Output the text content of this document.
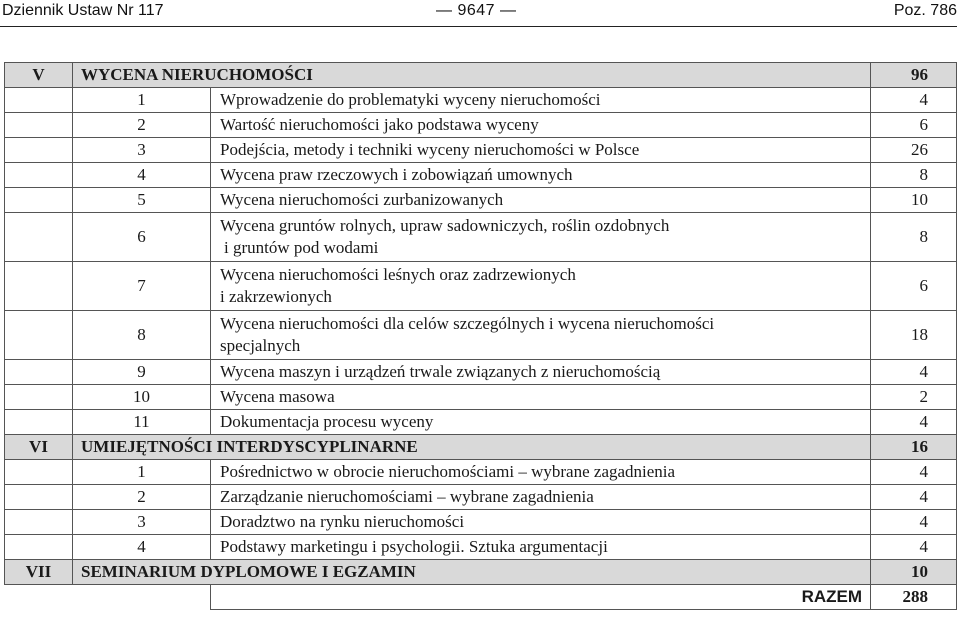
Dziennik Ustaw Nr 117	— 9647 —	Poz. 786
V	WYCENA NIERUCHOMOŚCI		96
	1	Wprowadzenie do problematyki wyceny nieruchomości	4
	2	Wartość nieruchomości jako podstawa wyceny	6
	3	Podejścia, metody i techniki wyceny nieruchomości w Polsce	26
	4	Wycena praw rzeczowych i zobowiązań umownych	8
	5	Wycena nieruchomości zurbanizowanych	10
	6	Wycena gruntów rolnych, upraw sadowniczych, roślin ozdobnych
i gruntów pod wodami	8
	7	Wycena nieruchomości leśnych oraz zadrzewionych
i zakrzewionych	6
	8	Wycena nieruchomości dla celów szczególnych i wycena nieruchomości
specjalnych	18
	9	Wycena maszyn i urządzeń trwale związanych z nieruchomością	4
	10	Wycena masowa	2
	11	Dokumentacja procesu wyceny	4
VI	UMIEJĘTNOŚCI INTERDYSCYPLINARNE		16
	1	Pośrednictwo w obrocie nieruchomościami – wybrane zagadnienia	4
	2	Zarządzanie nieruchomościami – wybrane zagadnienia	4
	3	Doradztwo na rynku nieruchomości	4
	4	Podstawy marketingu i psychologii. Sztuka argumentacji	4
VII	SEMINARIUM DYPLOMOWE I EGZAMIN		10
		RAZEM	288
